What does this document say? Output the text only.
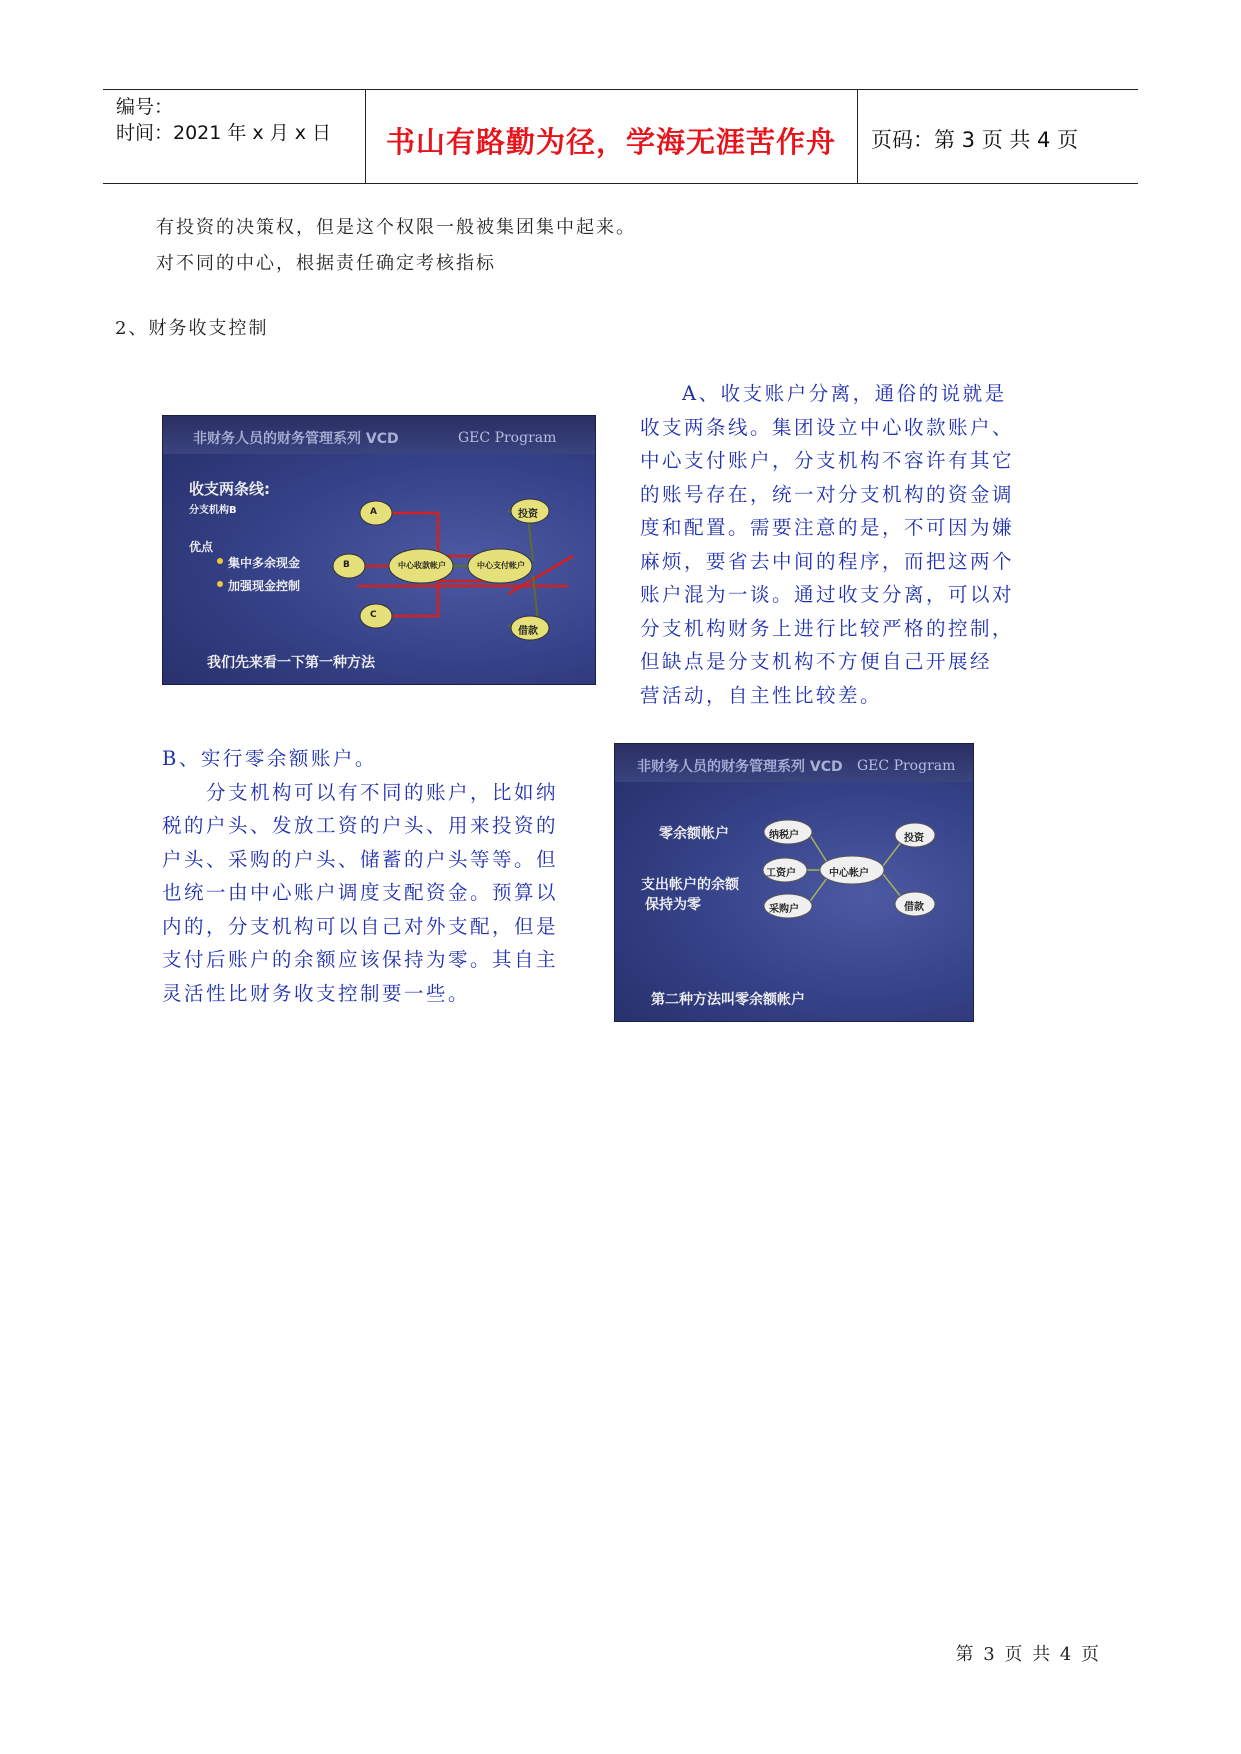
编号：
时间：2021 年 x 月 x 日	书山有路勤为径，学海无涯苦作舟	页码：第 3 页 共 4 页
有投资的决策权，但是这个权限一般被集团集中起来。
对不同的中心，根据责任确定考核指标
2、财务收支控制
非财务人员的财务管理系列 VCD	GEC Program
收支两条线:
分支机构B
优点
集中多余现金
加强现金控制
A
B
C
中心收款帐户	中心支付帐户
投资
借款
我们先来看一下第一种方法
A、收支账户分离，通俗的说就是
收支两条线。集团设立中心收款账户、
中心支付账户，分支机构不容许有其它
的账号存在，统一对分支机构的资金调
度和配置。需要注意的是，不可因为嫌
麻烦，要省去中间的程序，而把这两个
账户混为一谈。通过收支分离，可以对
分支机构财务上进行比较严格的控制，
但缺点是分支机构不方便自己开展经
营活动，自主性比较差。
B、实行零余额账户。
　　分支机构可以有不同的账户，比如纳
税的户头、发放工资的户头、用来投资的
户头、采购的户头、储蓄的户头等等。但
也统一由中心账户调度支配资金。预算以
内的，分支机构可以自己对外支配，但是
支付后账户的余额应该保持为零。其自主
灵活性比财务收支控制要一些。
非财务人员的财务管理系列 VCD GEC Program
零余额帐户
支出帐户的余额
保持为零
纳税户
工资户
采购户
中心帐户
投资
借款
第二种方法叫零余额帐户
第 3 页 共 4 页
